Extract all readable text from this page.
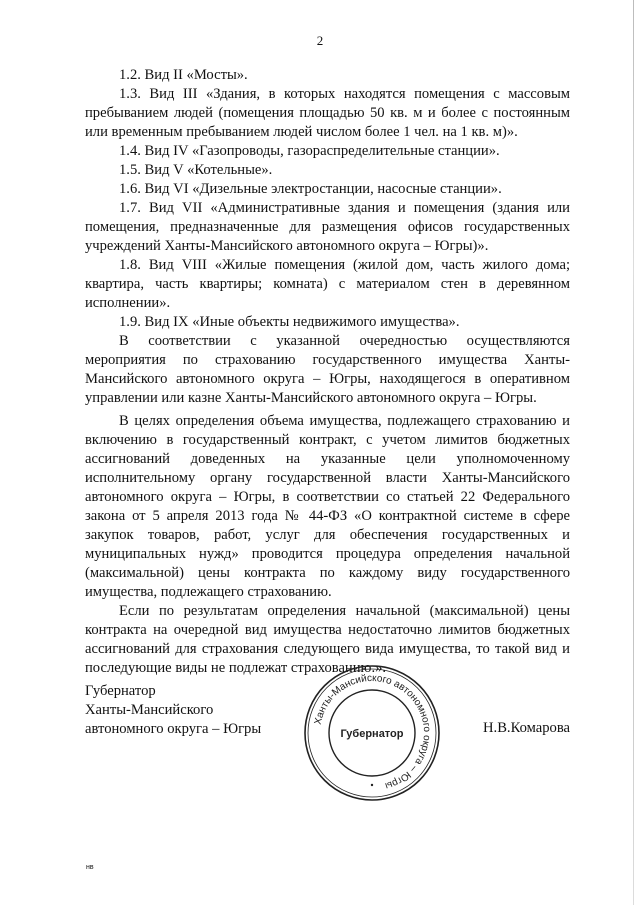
2

1.2. Вид II «Мосты».

1.3. Вид III «Здания, в которых находятся помещения с массовым пребыванием людей (помещения площадью 50 кв. м и более с постоянным или временным пребыванием людей числом более 1 чел. на 1 кв. м)».

1.4. Вид IV «Газопроводы, газораспределительные станции».

1.5. Вид V «Котельные».

1.6. Вид VI «Дизельные электростанции, насосные станции».

1.7. Вид VII «Административные здания и помещения (здания или помещения, предназначенные для размещения офисов государственных учреждений Ханты-Мансийского автономного округа – Югры)».

1.8. Вид VIII «Жилые помещения (жилой дом, часть жилого дома; квартира, часть квартиры; комната) с материалом стен в деревянном исполнении».

1.9. Вид IX «Иные объекты недвижимого имущества».

В соответствии с указанной очередностью осуществляются мероприятия по страхованию государственного имущества Ханты-Мансийского автономного округа – Югры, находящегося в оперативном управлении или казне Ханты-Мансийского автономного округа – Югры.

В целях определения объема имущества, подлежащего страхованию и включению в государственный контракт, с учетом лимитов бюджетных ассигнований доведенных на указанные цели уполномоченному исполнительному органу государственной власти Ханты-Мансийского автономного округа – Югры, в соответствии со статьей 22 Федерального закона от 5 апреля 2013 года № 44-ФЗ «О контрактной системе в сфере закупок товаров, работ, услуг для обеспечения государственных и муниципальных нужд» проводится процедура определения начальной (максимальной) цены контракта по каждому виду государственного имущества, подлежащего страхованию.

Если по результатам определения начальной (максимальной) цены контракта на очередной вид имущества недостаточно лимитов бюджетных ассигнований для страхования следующего вида имущества, то такой вид и последующие виды не подлежат страхованию.».

Губернатор
Ханты-Мансийского
автономного округа – Югры	Ханты-Мансийского автономного округа – Югры
Губернатор	Н.В.Комарова
нв
